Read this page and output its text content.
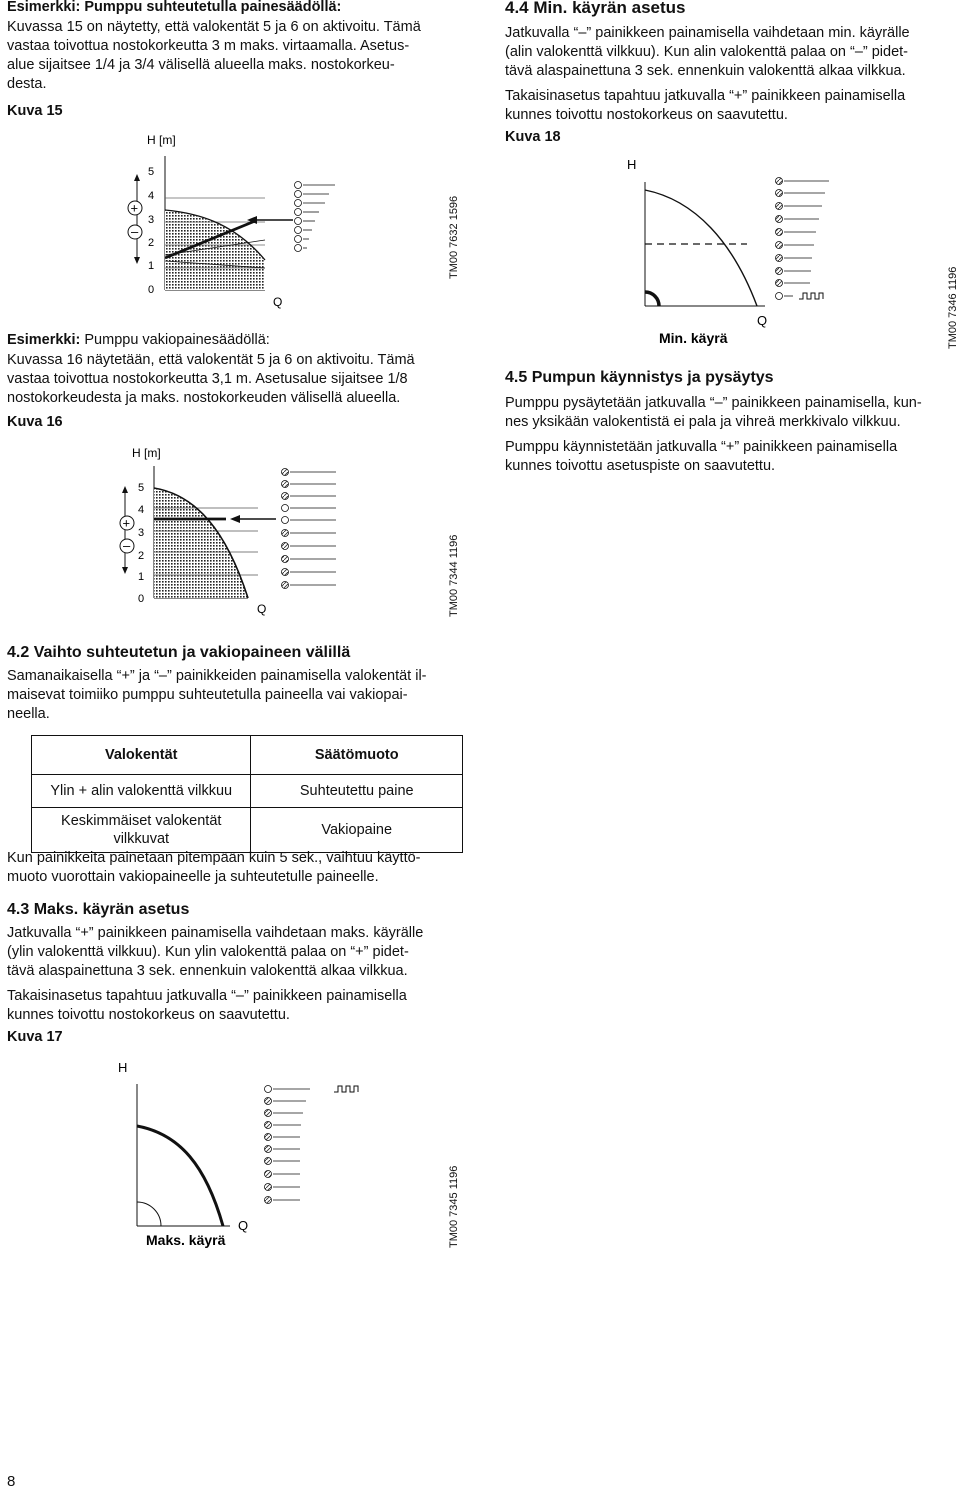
Esimerkki: Pumppu suhteutetulla painesäädöllä:
Kuvassa 15 on näytetty, että valokentät 5 ja 6 on aktivoitu. Tämä
vastaa toivottua nostokorkeutta 3 m maks. virtaamalla. Asetus-
alue sijaitsee 1/4 ja 3/4 välisellä alueella maks. nostokorkeu-
desta.
Kuva 15
H [m]
5
4
3
2
1
0
+
–
Q
TM00 7632 1596
Esimerkki: Pumppu vakiopainesäädöllä:
Kuvassa 16 näytetään, että valokentät 5 ja 6 on aktivoitu. Tämä
vastaa toivottua nostokorkeutta 3,1 m. Asetusalue sijaitsee 1/8
nostokorkeudesta ja maks. nostokorkeuden välisellä alueella.
Kuva 16
H [m]
5
4
3
2
1
0
+
–
Q	TM00 7344 1196
4.2 Vaihto suhteutetun ja vakiopaineen välillä
Samanaikaisella “+” ja “–” painikkeiden painamisella valokentät il-
maisevat toimiiko pumppu suhteutetulla paineella vai vakiopai-
neella.
Valokentät	Säätömuoto
Ylin + alin valokenttä vilkkuu	Suhteutettu paine

Keskimmäiset valokentät
vilkkuvat	Vakiopaine
Kun painikkeita painetaan pitempään kuin 5 sek., vaihtuu käyttö-
muoto vuorottain vakiopaineelle ja suhteutetulle paineelle.
4.3 Maks. käyrän asetus
Jatkuvalla “+” painikkeen painamisella vaihdetaan maks. käyrälle
(ylin valokenttä vilkkuu). Kun ylin valokenttä palaa on “+” pidet-
tävä alaspainettuna 3 sek. ennenkuin valokenttä alkaa vilkkua.
Takaisinasetus tapahtuu jatkuvalla “–” painikkeen painamisella
kunnes toivottu nostokorkeus on saavutettu.
Kuva 17
H
Q
Maks. käyrä	TM00 7345 1196
8
4.4 Min. käyrän asetus
Jatkuvalla “–” painikkeen painamisella vaihdetaan min. käyrälle
(alin valokenttä vilkkuu). Kun alin valokenttä palaa on “–” pidet-
tävä alaspainettuna 3 sek. ennenkuin valokenttä alkaa vilkkua.
Takaisinasetus tapahtuu jatkuvalla “+” painikkeen painamisella
kunnes toivottu nostokorkeus on saavutettu.
Kuva 18
H
Q
Min. käyrä	TM00 7346 1196
4.5 Pumpun käynnistys ja pysäytys
Pumppu pysäytetään jatkuvalla “–” painikkeen painamisella, kun-
nes yksikään valokentistä ei pala ja vihreä merkkivalo vilkkuu.
Pumppu käynnistetään jatkuvalla “+” painikkeen painamisella
kunnes toivottu asetuspiste on saavutettu.
